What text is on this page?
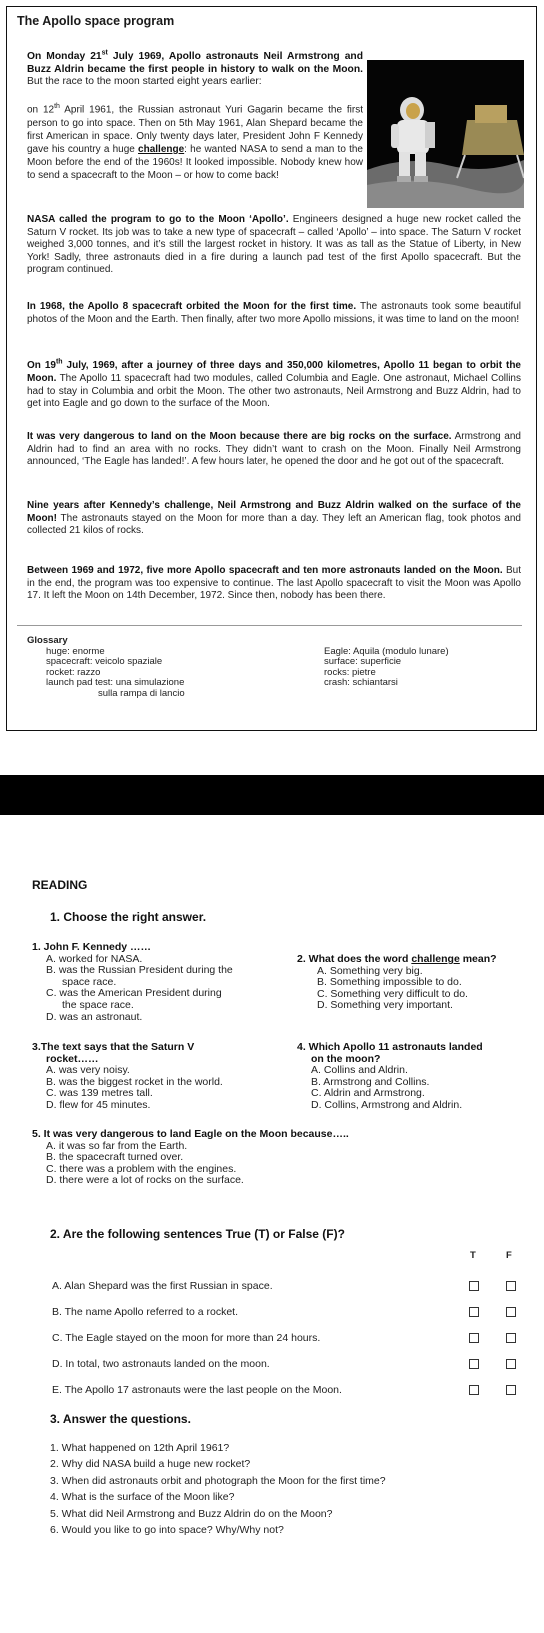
The Apollo space program
On Monday 21st July 1969, Apollo astronauts Neil Armstrong and Buzz Aldrin became the first people in history to walk on the Moon. But the race to the moon started eight years earlier:
on 12th April 1961, the Russian astronaut Yuri Gagarin became the first person to go into space. Then on 5th May 1961, Alan Shepard became the first American in space. Only twenty days later, President John F Kennedy gave his country a huge challenge: he wanted NASA to send a man to the Moon before the end of the 1960s! It looked impossible. Nobody knew how to send a spacecraft to the Moon – or how to come back!
NASA called the program to go to the Moon ‘Apollo’. Engineers designed a huge new rocket called the Saturn V rocket. Its job was to take a new type of spacecraft – called ‘Apollo’ – into space. The Saturn V rocket weighed 3,000 tonnes, and it’s still the largest rocket in history. It was as tall as the Statue of Liberty, in New York! Sadly, three astronauts died in a fire during a launch pad test of the first Apollo spacecraft. But the program continued.
In 1968, the Apollo 8 spacecraft orbited the Moon for the first time. The astronauts took some beautiful photos of the Moon and the Earth. Then finally, after two more Apollo missions, it was time to land on the moon!
On 19th July, 1969, after a journey of three days and 350,000 kilometres, Apollo 11 began to orbit the Moon. The Apollo 11 spacecraft had two modules, called Columbia and Eagle. One astronaut, Michael Collins had to stay in Columbia and orbit the Moon. The other two astronauts, Neil Armstrong and Buzz Aldrin, had to get into Eagle and go down to the surface of the Moon.
It was very dangerous to land on the Moon because there are big rocks on the surface. Armstrong and Aldrin had to find an area with no rocks. They didn’t want to crash on the Moon. Finally Neil Armstrong announced, ‘The Eagle has landed!’. A few hours later, he opened the door and he got out of the spacecraft.
Nine years after Kennedy’s challenge, Neil Armstrong and Buzz Aldrin walked on the surface of the Moon! The astronauts stayed on the Moon for more than a day. They left an American flag, took photos and collected 21 kilos of rocks.
Between 1969 and 1972, five more Apollo spacecraft and ten more astronauts landed on the Moon. But in the end, the program was too expensive to continue. The last Apollo spacecraft to visit the Moon was Apollo 17. It left the Moon on 14th December, 1972. Since then, nobody has been there.
Glossary
huge: enorme
spacecraft: veicolo spaziale
rocket: razzo
launch pad test: una simulazione
sulla rampa di lancio
Eagle: Aquila (modulo lunare)
surface: superficie
rocks: pietre
crash: schiantarsi
READING
1. Choose the right answer.
1. John F. Kennedy ……
A. worked for NASA.
B. was the Russian President during the
space race.
C. was the American President during
the space race.
D. was an astronaut.
2. What does the word challenge mean?
A. Something very big.
B. Something impossible to do.
C. Something very difficult to do.
D. Something very important.
3.The text says that the Saturn V
rocket……
A. was very noisy.
B. was the biggest rocket in the world.
C. was 139 metres tall.
D. flew for 45 minutes.
4. Which Apollo 11 astronauts landed
on the moon?
A. Collins and Aldrin.
B. Armstrong and Collins.
C. Aldrin and Armstrong.
D. Collins, Armstrong and Aldrin.
5. It was very dangerous to land Eagle on the Moon because…..
A. it was so far from the Earth.
B. the spacecraft turned over.
C. there was a problem with the engines.
D. there were a lot of rocks on the surface.
2. Are the following sentences True (T) or False (F)?
T	F
A. Alan Shepard was the first Russian in space.
B. The name Apollo referred to a rocket.
C. The Eagle stayed on the moon for more than 24 hours.
D. In total, two astronauts landed on the moon.
E. The Apollo 17 astronauts were the last people on the Moon.
3. Answer the questions.
1. What happened on 12th April 1961?
2. Why did NASA build a huge new rocket?
3. When did astronauts orbit and photograph the Moon for the first time?
4. What is the surface of the Moon like?
5. What did Neil Armstrong and Buzz Aldrin do on the Moon?
6. Would you like to go into space? Why/Why not?
